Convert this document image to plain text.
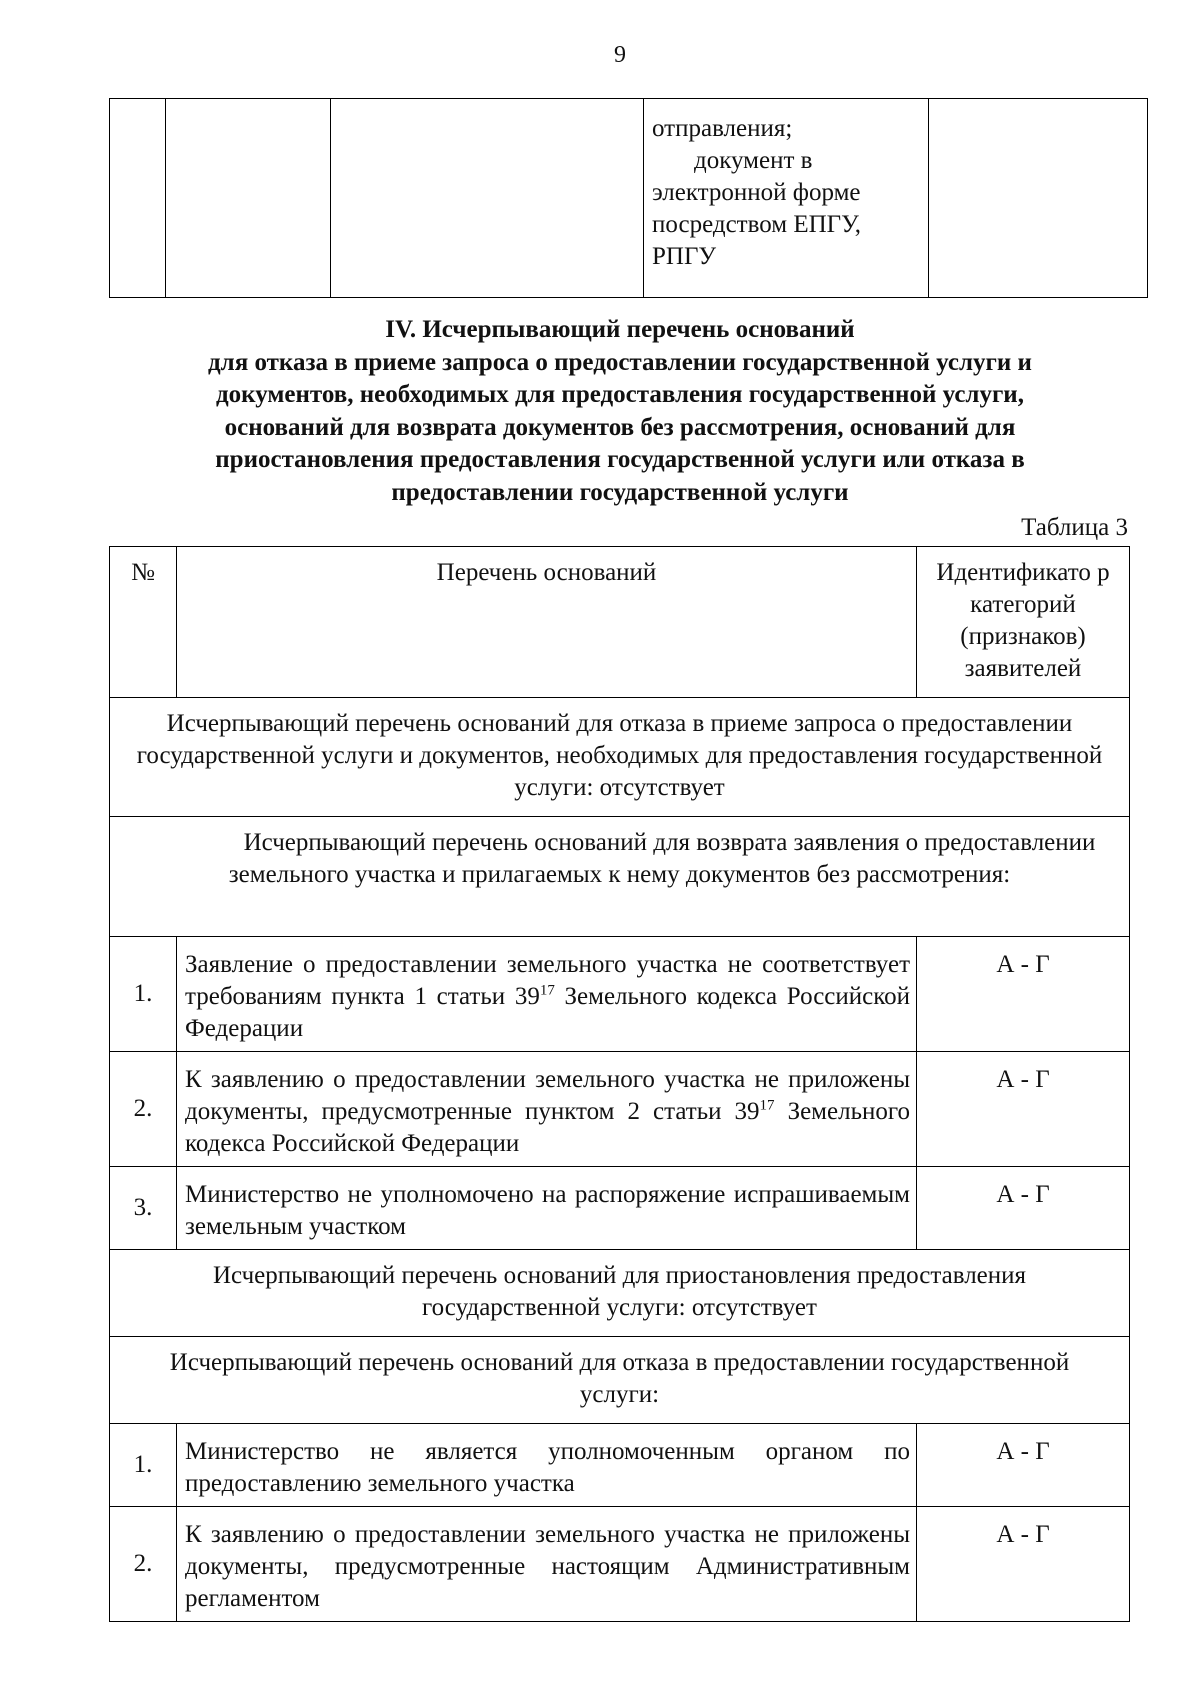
9

отправления;
документ в
электронной форме
посредством ЕПГУ,
РПГУ

IV. Исчерпывающий перечень оснований
для отказа в приеме запроса о предоставлении государственной услуги и
документов, необходимых для предоставления государственной услуги,
оснований для возврата документов без рассмотрения, оснований для
приостановления предоставления государственной услуги или отказа в
предоставлении государственной услуги
Таблица 3
№	Перечень оснований	Идентификато р категорий (признаков) заявителей
Исчерпывающий перечень оснований для отказа в приеме запроса о предоставлении государственной услуги и документов, необходимых для предоставления государственной услуги: отсутствует		
Исчерпывающий перечень оснований для возврата заявления о предоставлении земельного участка и прилагаемых к нему документов без рассмотрения:		
1.	Заявление о предоставлении земельного участка не соответствует требованиям пункта 1 статьи $39^{17}$ Земельного кодекса Российской Федерации	А - Г
2.	К заявлению о предоставлении земельного участка не приложены документы, предусмотренные пунктом 2 статьи $39^{17}$ Земельного кодекса Российской Федерации	А - Г
3.	Министерство не уполномочено на распоряжение испрашиваемым земельным участком	А - Г
Исчерпывающий перечень оснований для приостановления предоставления государственной услуги: отсутствует		
Исчерпывающий перечень оснований для отказа в предоставлении государственной услуги:		
1.	Министерство не является уполномоченным органом по предоставлению земельного участка	А - Г
2.	К заявлению о предоставлении земельного участка не приложены документы, предусмотренные настоящим Административным регламентом	А - Г
